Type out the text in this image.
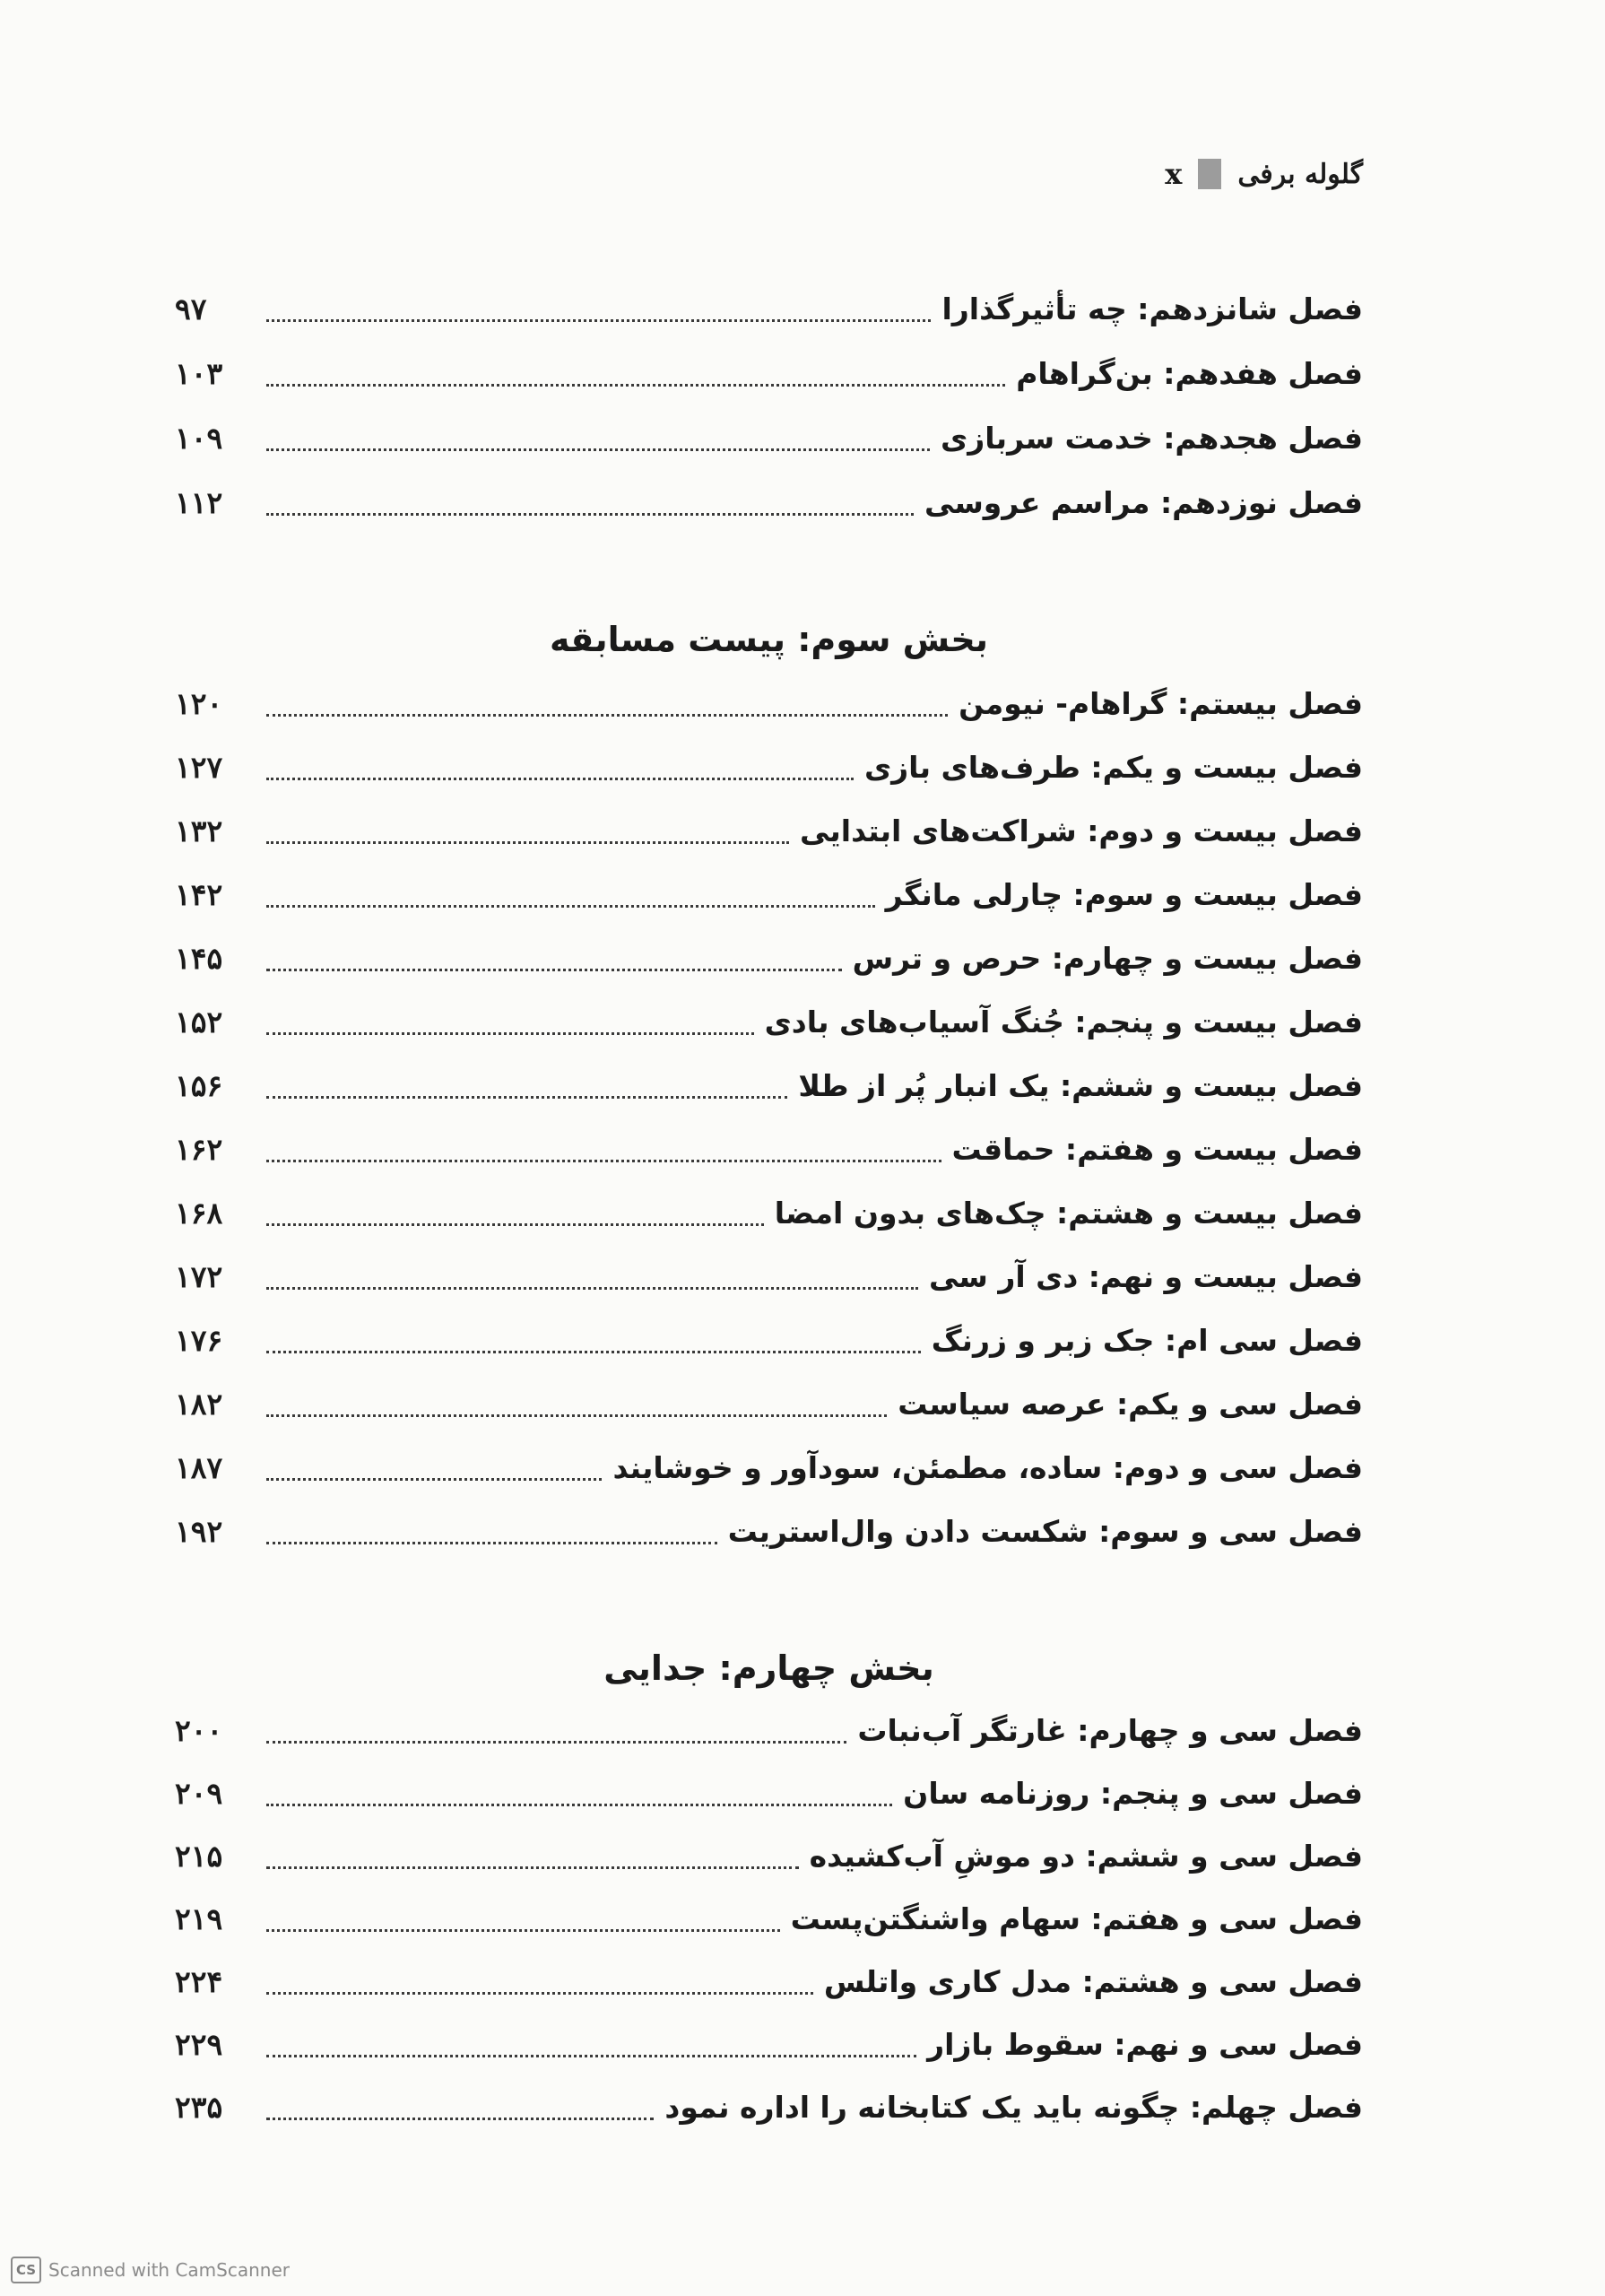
x گلوله برفی
فصل شانزدهم: چه تأثیرگذارا
۹۷
فصل هفدهم: بن‌گراهام
۱۰۳
فصل هجدهم: خدمت سربازی
۱۰۹
فصل نوزدهم: مراسم عروسی
۱۱۲
بخش سوم: پیست مسابقه
فصل بیستم: گراهام- نیومن
۱۲۰
فصل بیست و یکم: طرف‌های بازی
۱۲۷
فصل بیست و دوم: شراکت‌های ابتدایی
۱۳۲
فصل بیست و سوم: چارلی مانگر
۱۴۲
فصل بیست و چهارم: حرص و ترس
۱۴۵
فصل بیست و پنجم: جُنگ آسیاب‌های بادی
۱۵۲
فصل بیست و ششم: یک انبار پُر از طلا
۱۵۶
فصل بیست و هفتم: حماقت
۱۶۲
فصل بیست و هشتم: چک‌های بدون امضا
۱۶۸
فصل بیست و نهم: دی آر سی
۱۷۲
فصل سی ام: جک زبر و زرنگ
۱۷۶
فصل سی و یکم: عرصه سیاست
۱۸۲
فصل سی و دوم: ساده، مطمئن، سودآور و خوشایند
۱۸۷
فصل سی و سوم: شکست دادن وال‌استریت
۱۹۲
بخش چهارم: جدایی
فصل سی و چهارم: غارتگر آب‌نبات
۲۰۰
فصل سی و پنجم: روزنامه سان
۲۰۹
فصل سی و ششم: دو موشِ آب‌کشیده
۲۱۵
فصل سی و هفتم: سهام واشنگتن‌پست
۲۱۹
فصل سی و هشتم: مدل کاری واتلس
۲۲۴
فصل سی و نهم: سقوط بازار
۲۲۹
فصل چهلم: چگونه باید یک کتابخانه را اداره نمود
۲۳۵
CS Scanned with CamScanner
